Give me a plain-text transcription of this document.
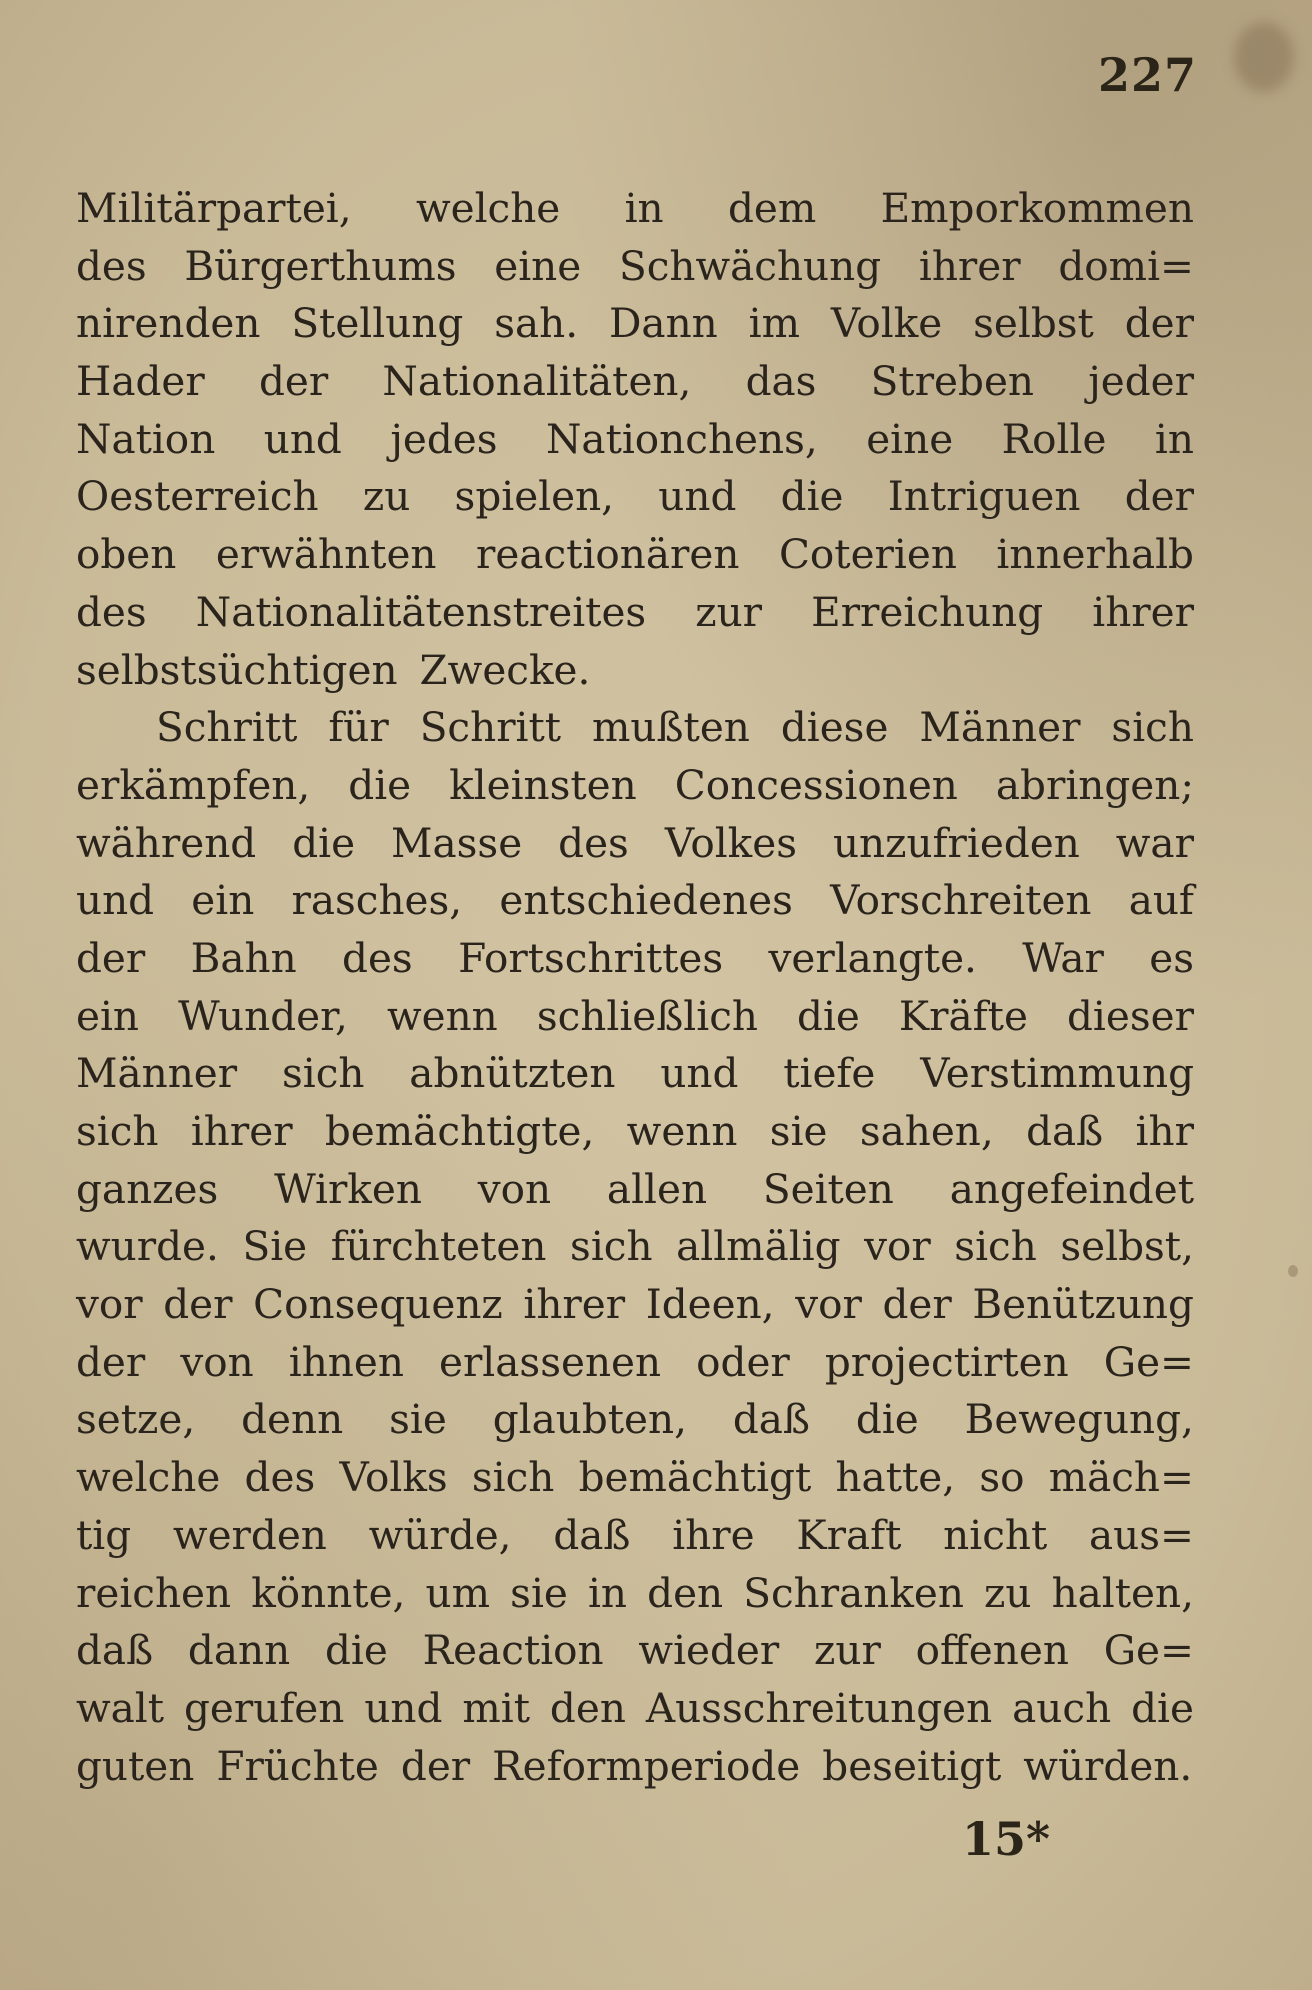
227
Militärpartei, welche in dem Emporkommen
des Bürgerthums eine Schwächung ihrer domi=
nirenden Stellung sah. Dann im Volke selbst der
Hader der Nationalitäten, das Streben jeder
Nation und jedes Nationchens, eine Rolle in
Oesterreich zu spielen, und die Intriguen der
oben erwähnten reactionären Coterien innerhalb
des Nationalitätenstreites zur Erreichung ihrer
selbstsüchtigen Zwecke.
Schritt für Schritt mußten diese Männer sich
erkämpfen, die kleinsten Concessionen abringen;
während die Masse des Volkes unzufrieden war
und ein rasches, entschiedenes Vorschreiten auf
der Bahn des Fortschrittes verlangte. War es
ein Wunder, wenn schließlich die Kräfte dieser
Männer sich abnützten und tiefe Verstimmung
sich ihrer bemächtigte, wenn sie sahen, daß ihr
ganzes Wirken von allen Seiten angefeindet
wurde. Sie fürchteten sich allmälig vor sich selbst,
vor der Consequenz ihrer Ideen, vor der Benützung
der von ihnen erlassenen oder projectirten Ge=
setze, denn sie glaubten, daß die Bewegung,
welche des Volks sich bemächtigt hatte, so mäch=
tig werden würde, daß ihre Kraft nicht aus=
reichen könnte, um sie in den Schranken zu halten,
daß dann die Reaction wieder zur offenen Ge=
walt gerufen und mit den Ausschreitungen auch die
guten Früchte der Reformperiode beseitigt würden.
15*
